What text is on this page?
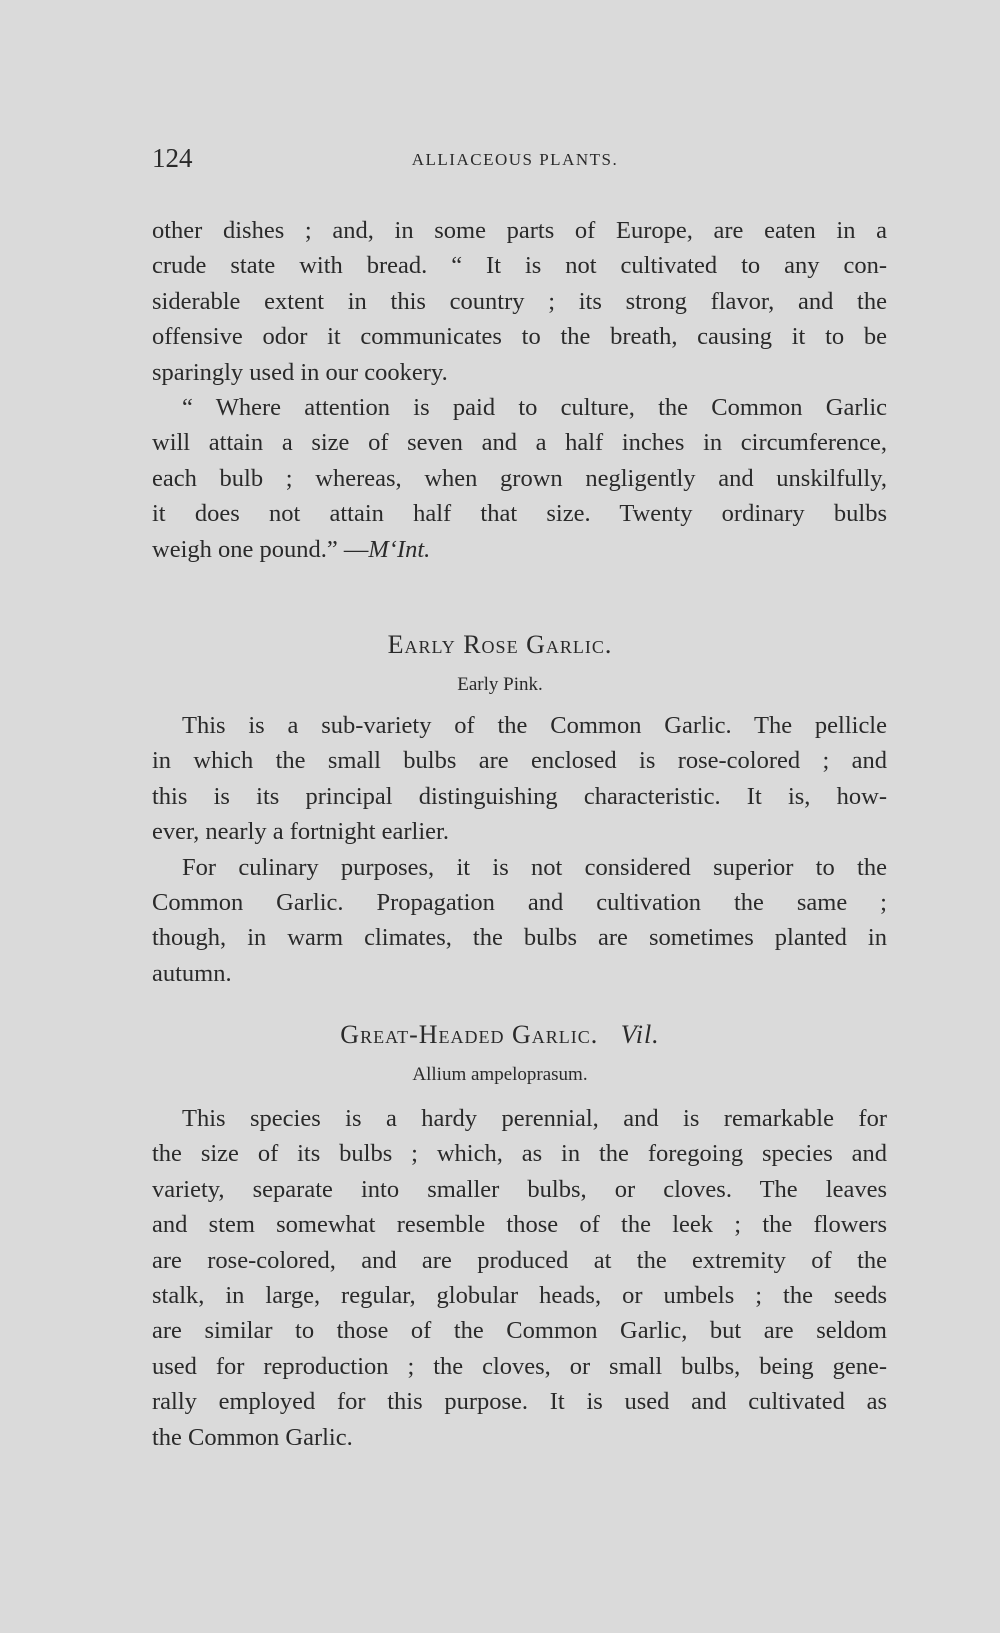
124	ALLIACEOUS PLANTS.
other dishes ; and, in some parts of Europe, are eaten in a
crude state with bread. “ It is not cultivated to any con-
siderable extent in this country ; its strong flavor, and the
offensive odor it communicates to the breath, causing it to be
sparingly used in our cookery.
“ Where attention is paid to culture, the Common Garlic
will attain a size of seven and a half inches in circumference,
each bulb ; whereas, when grown negligently and unskilfully,
it does not attain half that size. Twenty ordinary bulbs
weigh one pound.” —M‘Int.
Early Rose Garlic.
Early Pink.
This is a sub-variety of the Common Garlic. The pellicle
in which the small bulbs are enclosed is rose-colored ; and
this is its principal distinguishing characteristic. It is, how-
ever, nearly a fortnight earlier.
For culinary purposes, it is not considered superior to the
Common Garlic. Propagation and cultivation the same ;
though, in warm climates, the bulbs are sometimes planted in
autumn.
Great-Headed Garlic. Vil.
Allium ampeloprasum.
This species is a hardy perennial, and is remarkable for
the size of its bulbs ; which, as in the foregoing species and
variety, separate into smaller bulbs, or cloves. The leaves
and stem somewhat resemble those of the leek ; the flowers
are rose-colored, and are produced at the extremity of the
stalk, in large, regular, globular heads, or umbels ; the seeds
are similar to those of the Common Garlic, but are seldom
used for reproduction ; the cloves, or small bulbs, being gene-
rally employed for this purpose. It is used and cultivated as
the Common Garlic.
